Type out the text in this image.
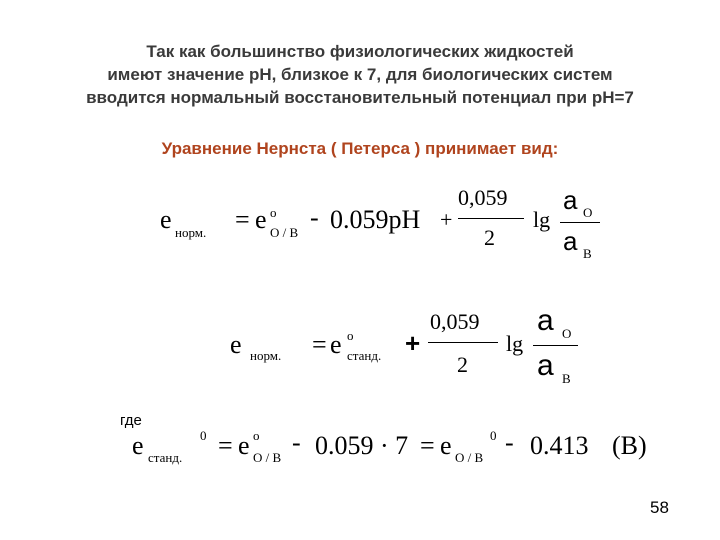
Так как большинство физиологических жидкостей
имеют значение pH, близкое к 7, для биологических систем
вводится нормальный восстановительный потенциал при pH=7
Уравнение Нернста ( Петерса ) принимает вид:
e норм. = e o
O / B
- 0.059pH +
0,059
2
lg
a O
a B
e норм. = e o
станд. +
0,059
2
lg
a O
a B
где
e станд.
0 = e o
O / B
- 0.059 · 7 = e O / B
0 - 0.413 (B)
58
